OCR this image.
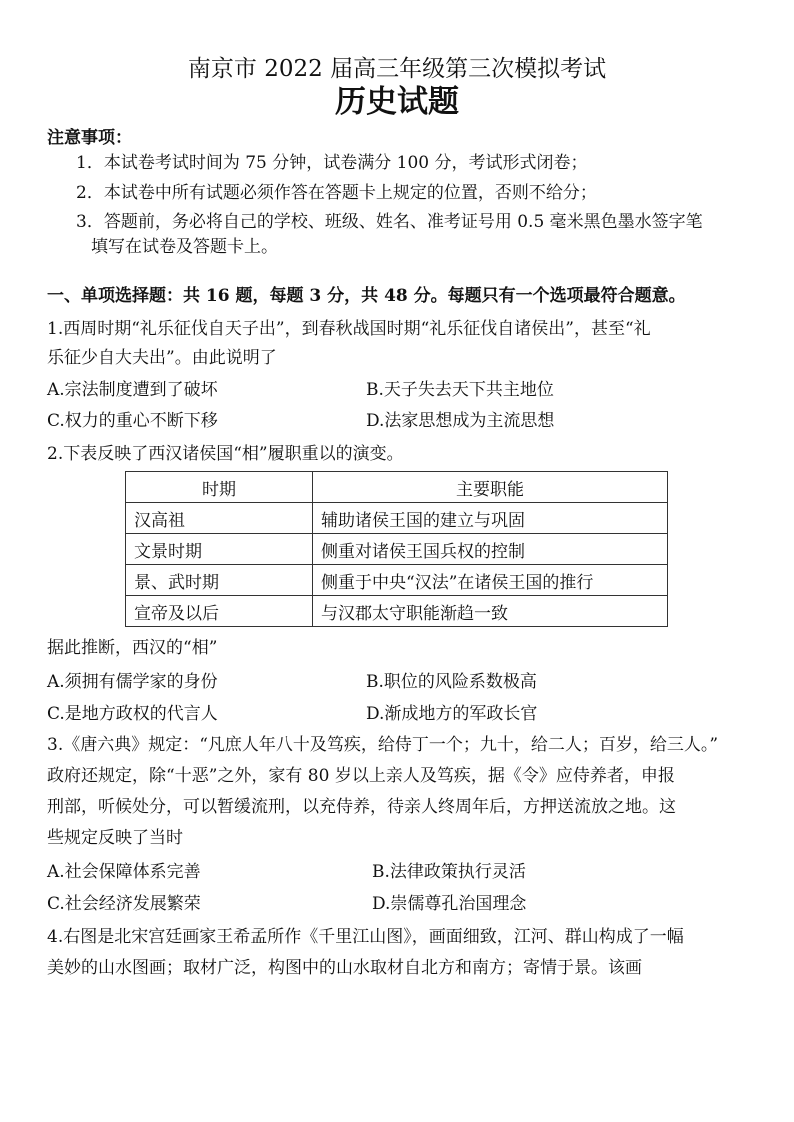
南京市 2022 届高三年级第三次模拟考试
历史试题
注意事项：
1．本试卷考试时间为 75 分钟，试卷满分 100 分，考试形式闭卷；
2．本试卷中所有试题必须作答在答题卡上规定的位置，否则不给分；
3．答题前，务必将自己的学校、班级、姓名、准考证号用 0.5 毫米黑色墨水签字笔
填写在试卷及答题卡上。
一、单项选择题：共 16 题，每题 3 分，共 48 分。每题只有一个选项最符合题意。
1.西周时期“礼乐征伐自天子出”，到春秋战国时期“礼乐征伐自诸侯出”，甚至“礼
乐征少自大夫出”。由此说明了
A.宗法制度遭到了破坏	B.天子失去天下共主地位
C.权力的重心不断下移	D.法家思想成为主流思想
2.下表反映了西汉诸侯国“相”履职重以的演变。
时期	主要职能
汉高祖	辅助诸侯王国的建立与巩固
文景时期	侧重对诸侯王国兵权的控制
景、武时期	侧重于中央“汉法”在诸侯王国的推行
宣帝及以后	与汉郡太守职能渐趋一致
据此推断，西汉的“相”
A.须拥有儒学家的身份	B.职位的风险系数极高
C.是地方政权的代言人	D.渐成地方的军政长官
3.《唐六典》规定：“凡庶人年八十及笃疾，给侍丁一个；九十，给二人；百岁，给三人。”
政府还规定，除“十恶”之外，家有 80 岁以上亲人及笃疾，据《令》应侍养者，申报
刑部，听候处分，可以暂缓流刑，以充侍养，待亲人终周年后，方押送流放之地。这
些规定反映了当时
A.社会保障体系完善	B.法律政策执行灵活
C.社会经济发展繁荣	D.崇儒尊孔治国理念
4.右图是北宋宫廷画家王希孟所作《千里江山图》，画面细致，江河、群山构成了一幅
美妙的山水图画；取材广泛，构图中的山水取材自北方和南方；寄情于景。该画
